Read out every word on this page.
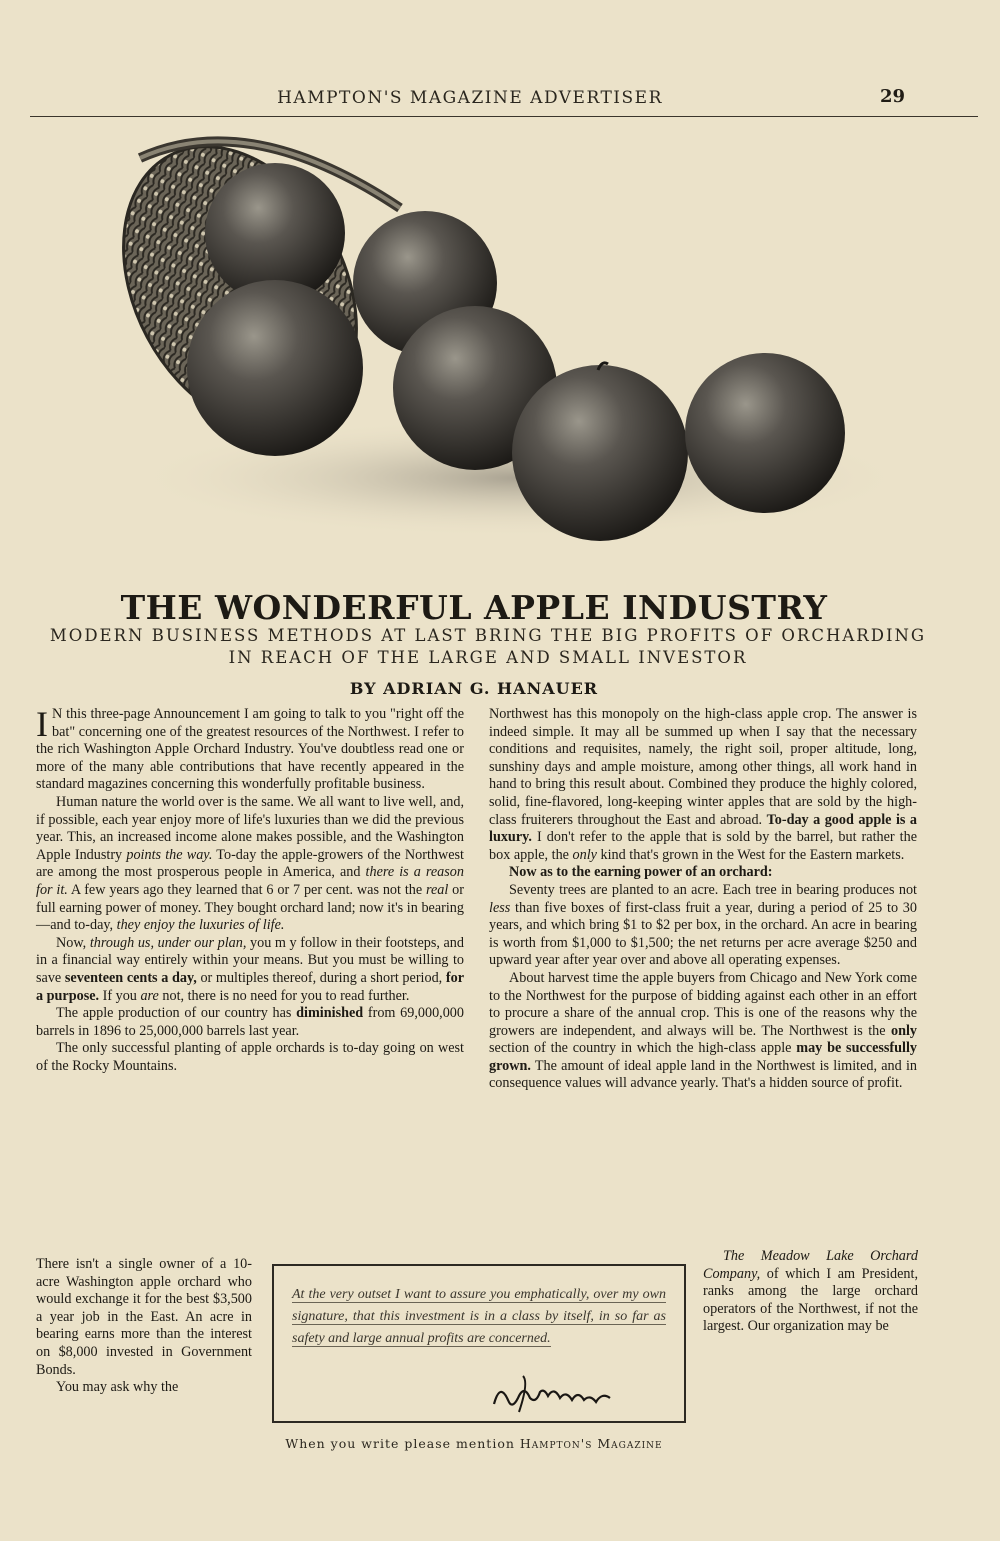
HAMPTON'S MAGAZINE ADVERTISER	29
THE WONDERFUL APPLE INDUSTRY
MODERN BUSINESS METHODS AT LAST BRING THE BIG PROFITS OF ORCHARDING
IN REACH OF THE LARGE AND SMALL INVESTOR
BY ADRIAN G. HANAUER

I N this three-page Announcement I am going to talk to you "right off the bat" concerning one of the greatest resources of the Northwest. I refer to the rich Washington Apple Orchard Industry. You've doubtless read one or more of the many able contributions that have recently appeared in the standard magazines concerning this wonderfully profitable business.

Human nature the world over is the same. We all want to live well, and, if possible, each year enjoy more of life's luxuries than we did the previous year. This, an increased income alone makes possible, and the Washington Apple Industry points the way. To-day the apple-growers of the Northwest are among the most prosperous people in America, and there is a reason for it. A few years ago they learned that 6 or 7 per cent. was not the real or full earning power of money. They bought orchard land; now it's in bearing —and to-day, they enjoy the luxuries of life.

Now, through us, under our plan, you m y follow in their footsteps, and in a financial way entirely within your means. But you must be willing to save seventeen cents a day, or multiples thereof, during a short period, for a purpose. If you are not, there is no need for you to read further.

The apple production of our country has diminished from 69,000,000 barrels in 1896 to 25,000,000 barrels last year.

The only successful planting of apple orchards is to-day going on west of the Rocky Mountains.

There isn't a single owner of a 10-acre Washington apple orchard who would exchange it for the best $3,500 a year job in the East. An acre in bearing earns more than the interest on $8,000 invested in Government Bonds.

You may ask why the

Northwest has this monopoly on the high-class apple crop. The answer is indeed simple. It may all be summed up when I say that the necessary conditions and requisites, namely, the right soil, proper altitude, long, sunshiny days and ample moisture, among other things, all work hand in hand to bring this result about. Combined they produce the highly colored, solid, fine-flavored, long-keeping winter apples that are sold by the high-class fruiterers throughout the East and abroad. To-day a good apple is a luxury. I don't refer to the apple that is sold by the barrel, but rather the box apple, the only kind that's grown in the West for the Eastern markets.

Now as to the earning power of an orchard:

Seventy trees are planted to an acre. Each tree in bearing produces not less than five boxes of first-class fruit a year, during a period of 25 to 30 years, and which bring $1 to $2 per box, in the orchard. An acre in bearing is worth from $1,000 to $1,500; the net returns per acre average $250 and upward year after year over and above all operating expenses.

About harvest time the apple buyers from Chicago and New York come to the Northwest for the purpose of bidding against each other in an effort to procure a share of the annual crop. This is one of the reasons why the growers are independent, and always will be. The Northwest is the only section of the country in which the high-class apple may be successfully grown. The amount of ideal apple land in the Northwest is limited, and in consequence values will advance yearly. That's a hidden source of profit.

The Meadow Lake Orchard Company, of which I am President, ranks among the large orchard operators of the Northwest, if not the largest. Our organization may be

At the very outset I want to assure you emphatically, over my own signature, that this investment is in a class by itself, in so far as safety and large annual profits are concerned.
When you write please mention Hampton's Magazine
